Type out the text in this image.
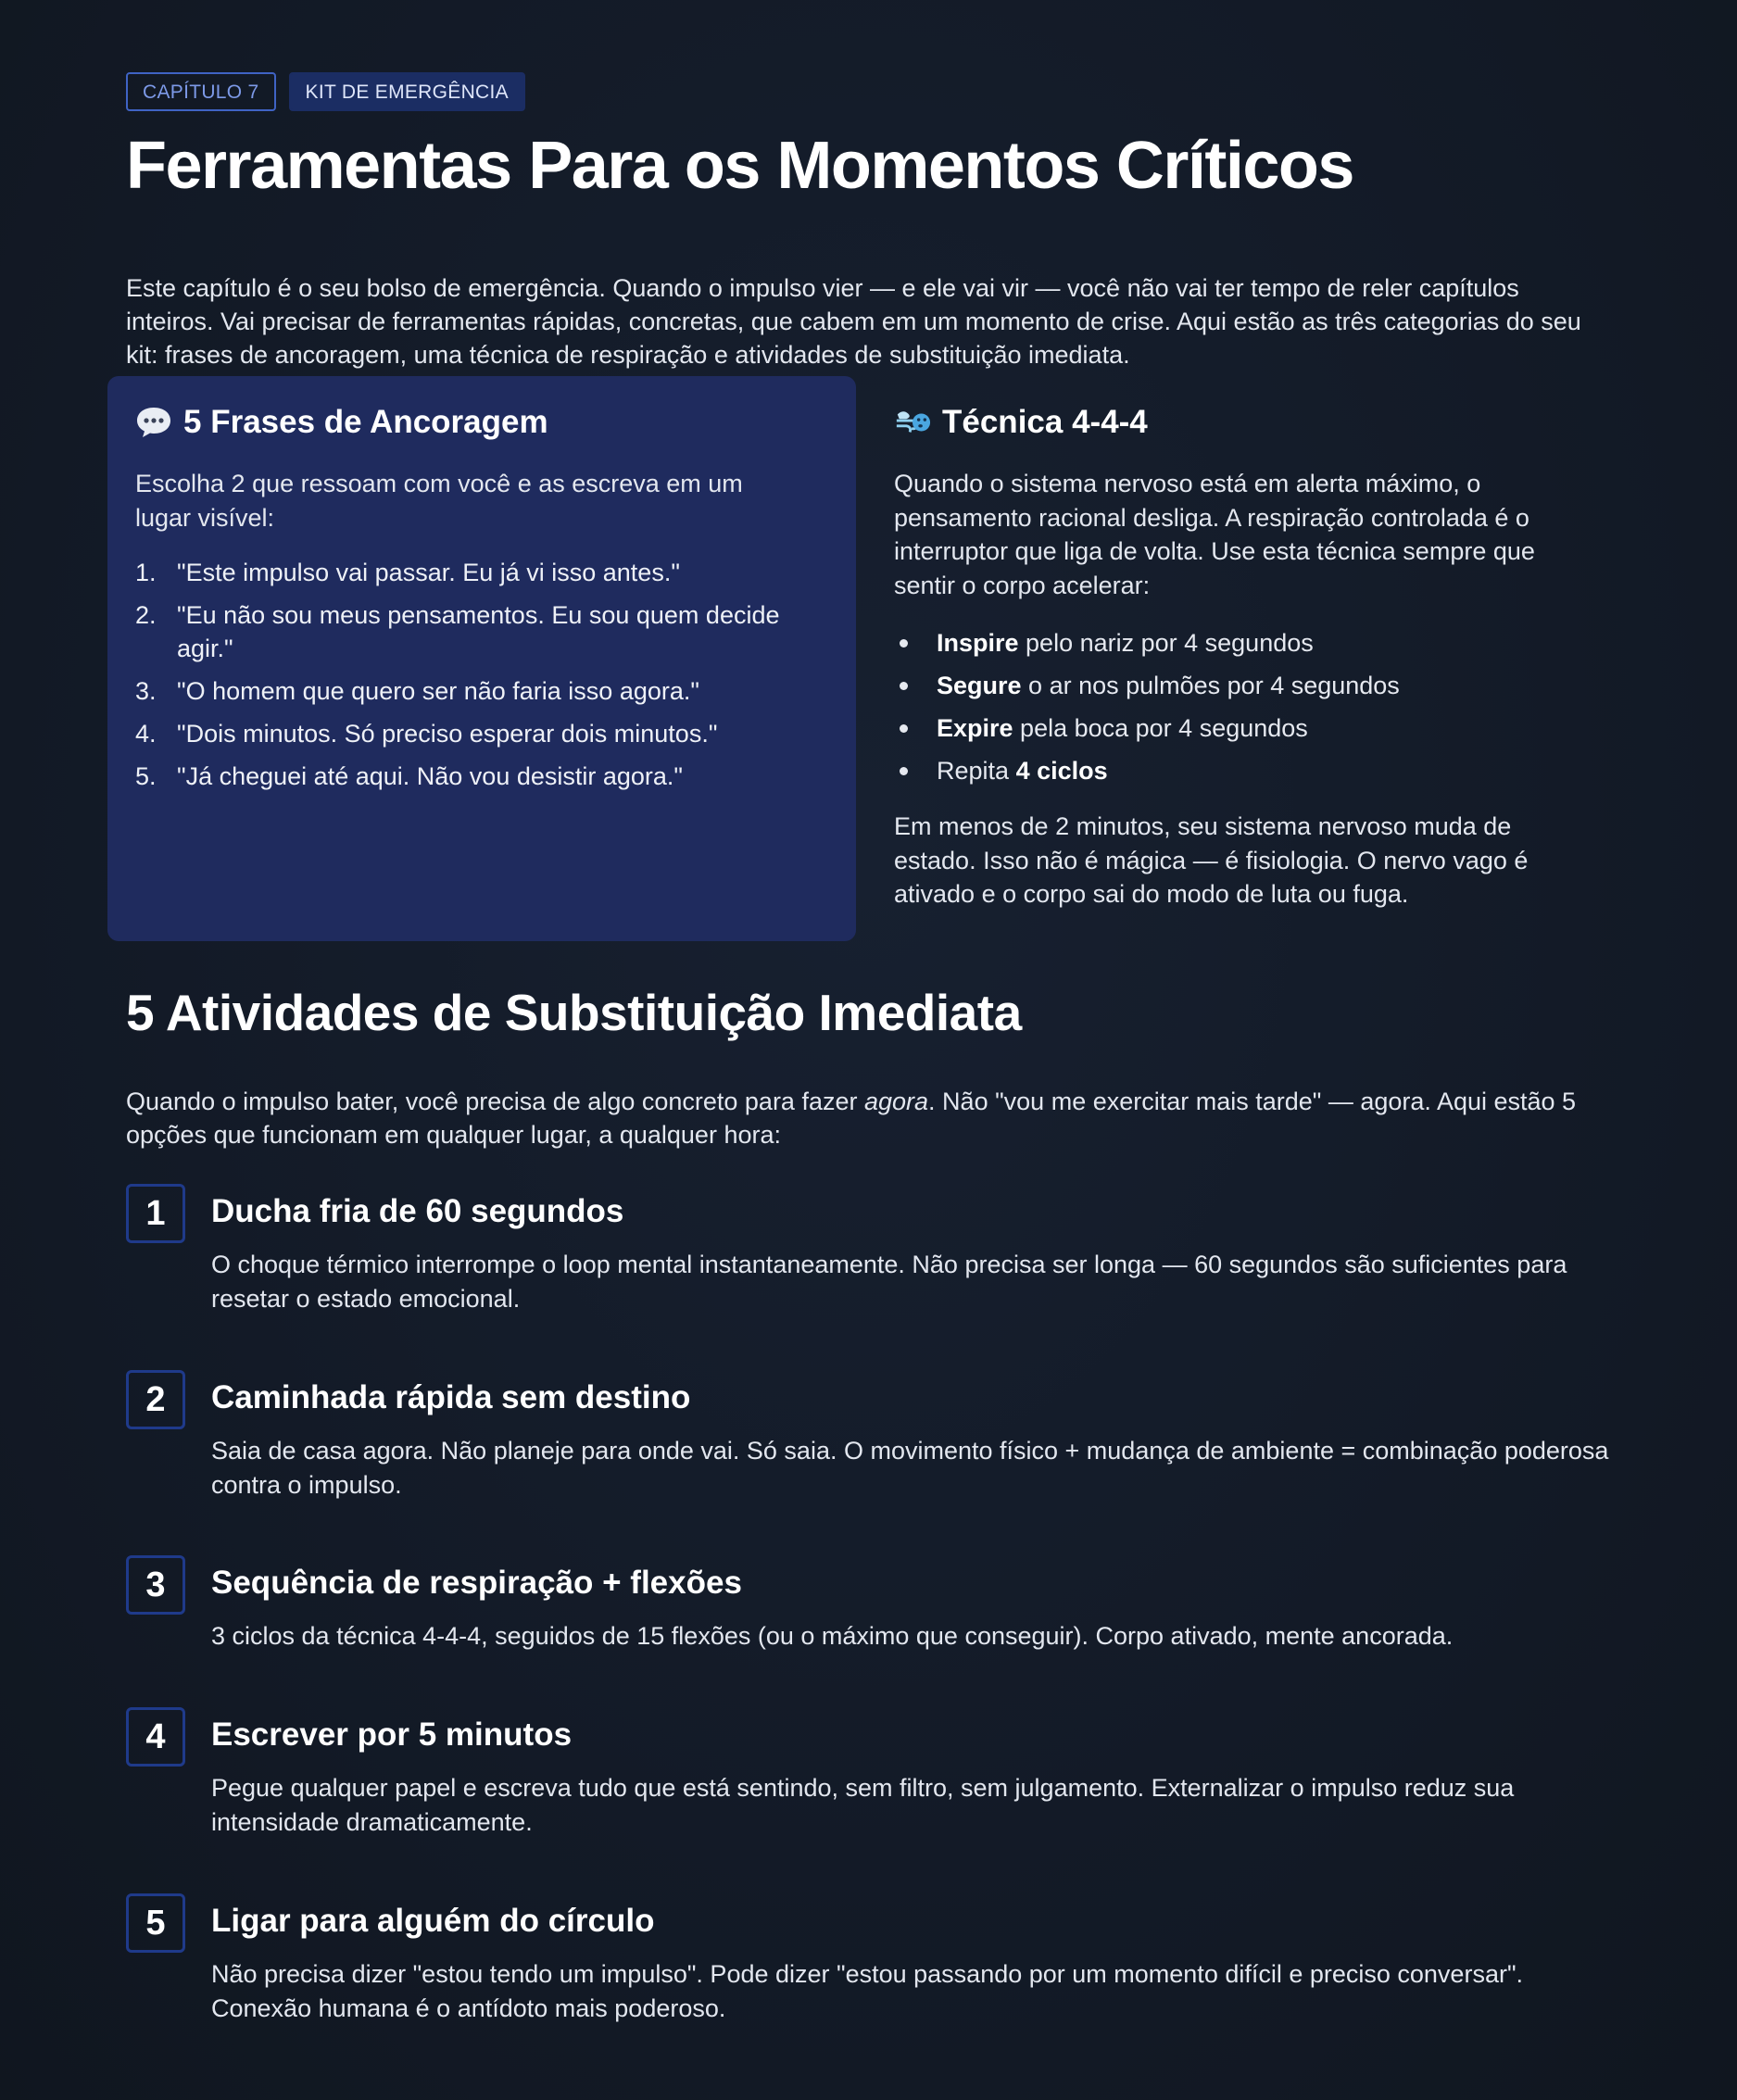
CAPÍTULO 7	KIT DE EMERGÊNCIA
Ferramentas Para os Momentos Críticos

Este capítulo é o seu bolso de emergência. Quando o impulso vier — e ele vai vir — você não vai ter tempo de reler capítulos inteiros. Vai precisar de ferramentas rápidas, concretas, que cabem em um momento de crise. Aqui estão as três categorias do seu kit: frases de ancoragem, uma técnica de respiração e atividades de substituição imediata.

5 Frases de Ancoragem

Escolha 2 que ressoam com você e as escreva em um lugar visível:

1. "Este impulso vai passar. Eu já vi isso antes."
2. "Eu não sou meus pensamentos. Eu sou quem decide agir."
3. "O homem que quero ser não faria isso agora."
4. "Dois minutos. Só preciso esperar dois minutos."
5. "Já cheguei até aqui. Não vou desistir agora."
Técnica 4-4-4

Quando o sistema nervoso está em alerta máximo, o pensamento racional desliga. A respiração controlada é o interruptor que liga de volta. Use esta técnica sempre que sentir o corpo acelerar:

Inspire pelo nariz por 4 segundos
Segure o ar nos pulmões por 4 segundos
Expire pela boca por 4 segundos
Repita 4 ciclos

Em menos de 2 minutos, seu sistema nervoso muda de estado. Isso não é mágica — é fisiologia. O nervo vago é ativado e o corpo sai do modo de luta ou fuga.

5 Atividades de Substituição Imediata

Quando o impulso bater, você precisa de algo concreto para fazer agora. Não "vou me exercitar mais tarde" — agora. Aqui estão 5 opções que funcionam em qualquer lugar, a qualquer hora:

1	Ducha fria de 60 segundos
O choque térmico interrompe o loop mental instantaneamente. Não precisa ser longa — 60 segundos são suficientes para resetar o estado emocional.
2	Caminhada rápida sem destino
Saia de casa agora. Não planeje para onde vai. Só saia. O movimento físico + mudança de ambiente = combinação poderosa contra o impulso.
3	Sequência de respiração + flexões
3 ciclos da técnica 4-4-4, seguidos de 15 flexões (ou o máximo que conseguir). Corpo ativado, mente ancorada.
4	Escrever por 5 minutos
Pegue qualquer papel e escreva tudo que está sentindo, sem filtro, sem julgamento. Externalizar o impulso reduz sua intensidade dramaticamente.
5	Ligar para alguém do círculo
Não precisa dizer "estou tendo um impulso". Pode dizer "estou passando por um momento difícil e preciso conversar". Conexão humana é o antídoto mais poderoso.
